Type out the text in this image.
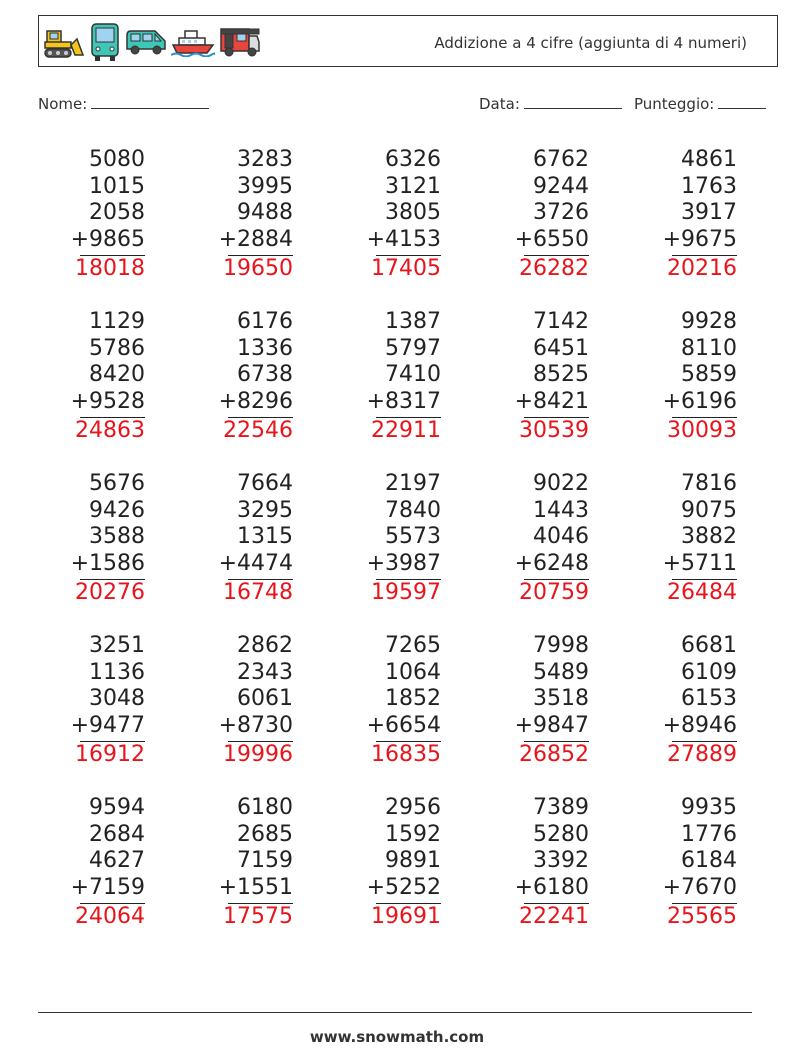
Addizione a 4 cifre (aggiunta di 4 numeri)
Nome:	Data:	Punteggio:
5080
1015
2058
+9865
18018
3283
3995
9488
+2884
19650
6326
3121
3805
+4153
17405
6762
9244
3726
+6550
26282
4861
1763
3917
+9675
20216
1129
5786
8420
+9528
24863
6176
1336
6738
+8296
22546
1387
5797
7410
+8317
22911
7142
6451
8525
+8421
30539
9928
8110
5859
+6196
30093
5676
9426
3588
+1586
20276
7664
3295
1315
+4474
16748
2197
7840
5573
+3987
19597
9022
1443
4046
+6248
20759
7816
9075
3882
+5711
26484
3251
1136
3048
+9477
16912
2862
2343
6061
+8730
19996
7265
1064
1852
+6654
16835
7998
5489
3518
+9847
26852
6681
6109
6153
+8946
27889
9594
2684
4627
+7159
24064
6180
2685
7159
+1551
17575
2956
1592
9891
+5252
19691
7389
5280
3392
+6180
22241
9935
1776
6184
+7670
25565
www.snowmath.com
